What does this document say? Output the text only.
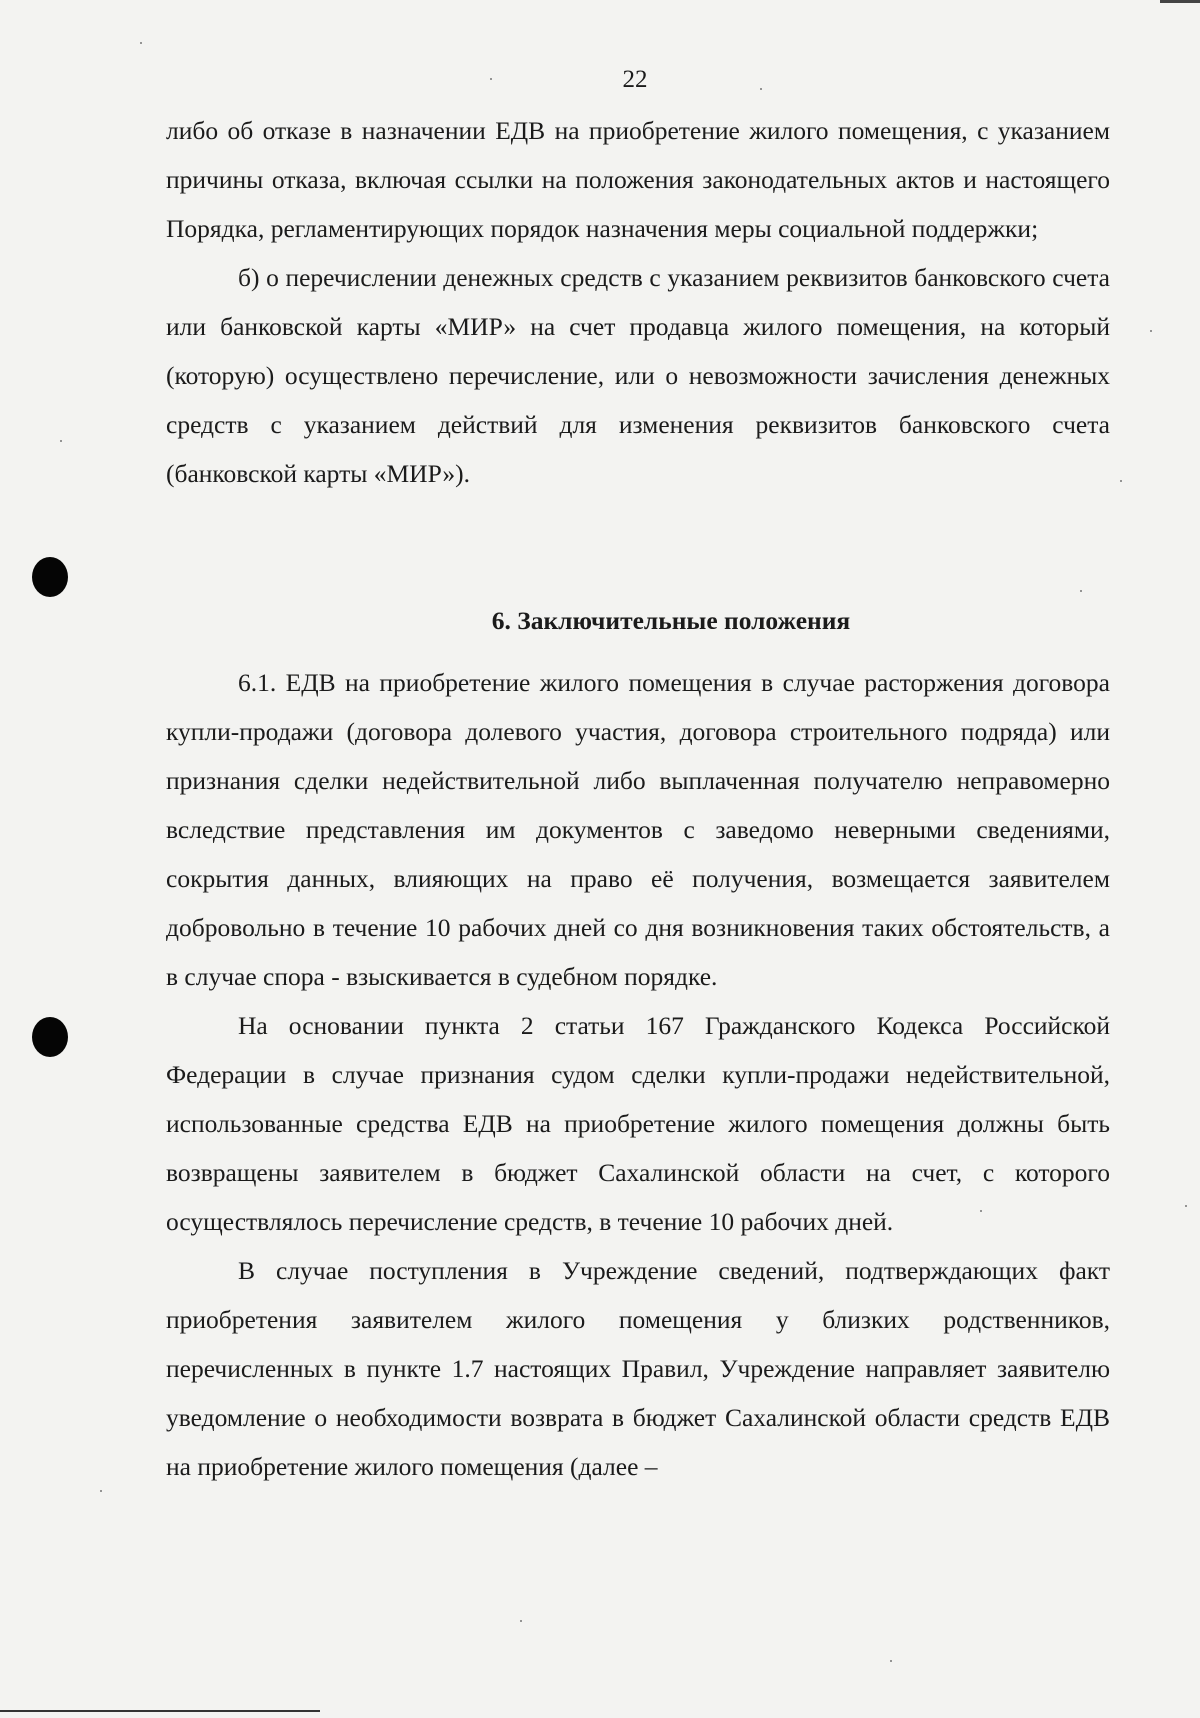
22

либо об отказе в назначении ЕДВ на приобретение жилого помещения, с указанием причины отказа, включая ссылки на положения законодательных актов и настоящего Порядка, регламентирующих порядок назначения меры социальной поддержки;

б) о перечислении денежных средств с указанием реквизитов банковского счета или банковской карты «МИР» на счет продавца жилого помещения, на который (которую) осуществлено перечисление, или о невозможности зачисления денежных средств с указанием действий для изменения реквизитов банковского счета (банковской карты «МИР»).

6. Заключительные положения

6.1. ЕДВ на приобретение жилого помещения в случае расторжения договора купли-продажи (договора долевого участия, договора строительного подряда) или признания сделки недействительной либо выплаченная получателю неправомерно вследствие представления им документов с заведомо неверными сведениями, сокрытия данных, влияющих на право её получения, возмещается заявителем добровольно в течение 10 рабочих дней со дня возникновения таких обстоятельств, а в случае спора - взыскивается в судебном порядке.

На основании пункта 2 статьи 167 Гражданского Кодекса Российской Федерации в случае признания судом сделки купли-продажи недействительной, использованные средства ЕДВ на приобретение жилого помещения должны быть возвращены заявителем в бюджет Сахалинской области на счет, с которого осуществлялось перечисление средств, в течение 10 рабочих дней.

В случае поступления в Учреждение сведений, подтверждающих факт приобретения заявителем жилого помещения у близких родственников, перечисленных в пункте 1.7 настоящих Правил, Учреждение направляет заявителю уведомление о необходимости возврата в бюджет Сахалинской области средств ЕДВ на приобретение жилого помещения (далее –
